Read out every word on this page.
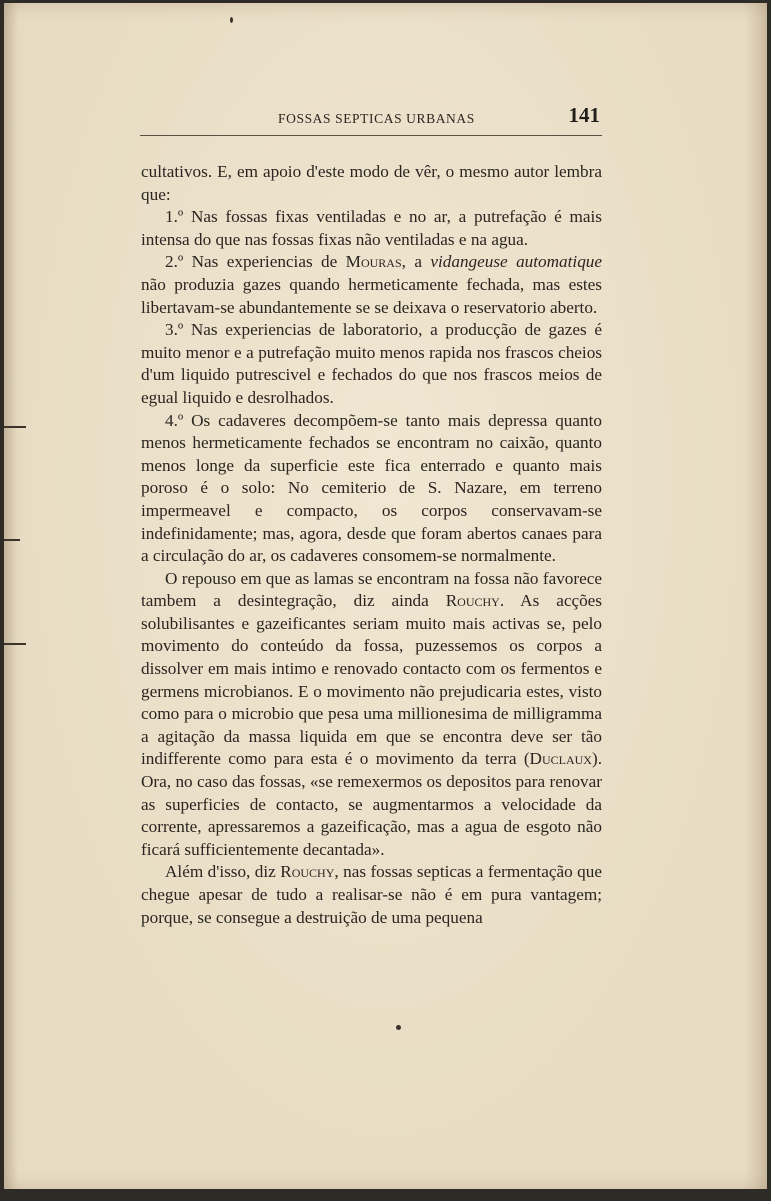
FOSSAS SEPTICAS URBANAS	141

cultativos. E, em apoio d'este modo de vêr, o mesmo autor lembra que:

1.º Nas fossas fixas ventiladas e no ar, a putrefação é mais intensa do que nas fossas fixas não ventiladas e na agua.

2.º Nas experiencias de Mouras, a vidangeuse automatique não produzia gazes quando hermeticamente fechada, mas estes libertavam-se abundantemente se se deixava o reservatorio aberto.

3.º Nas experiencias de laboratorio, a producção de gazes é muito menor e a putrefação muito menos rapida nos frascos cheios d'um liquido putrescivel e fechados do que nos frascos meios de egual liquido e desrolhados.

4.º Os cadaveres decompõem-se tanto mais depressa quanto menos hermeticamente fechados se encontram no caixão, quanto menos longe da superficie este fica enterrado e quanto mais poroso é o solo: No cemiterio de S. Nazare, em terreno impermeavel e compacto, os corpos conservavam-se indefinidamente; mas, agora, desde que foram abertos canaes para a circulação do ar, os cadaveres consomem-se normalmente.

O repouso em que as lamas se encontram na fossa não favorece tambem a desintegração, diz ainda Rouchy. As acções solubilisantes e gazeificantes seriam muito mais activas se, pelo movimento do conteúdo da fossa, puzessemos os corpos a dissolver em mais intimo e renovado contacto com os fermentos e germens microbianos. E o movimento não prejudicaria estes, visto como para o microbio que pesa uma millionesima de milligramma a agitação da massa liquida em que se encontra deve ser tão indifferente como para esta é o movimento da terra (Duclaux). Ora, no caso das fossas, «se remexermos os depositos para renovar as superficies de contacto, se augmentarmos a velocidade da corrente, apressaremos a gazeificação, mas a agua de esgoto não ficará sufficientemente decantada».

Além d'isso, diz Rouchy, nas fossas septicas a fermentação que chegue apesar de tudo a realisar-se não é em pura vantagem; porque, se consegue a destruição de uma pequena
